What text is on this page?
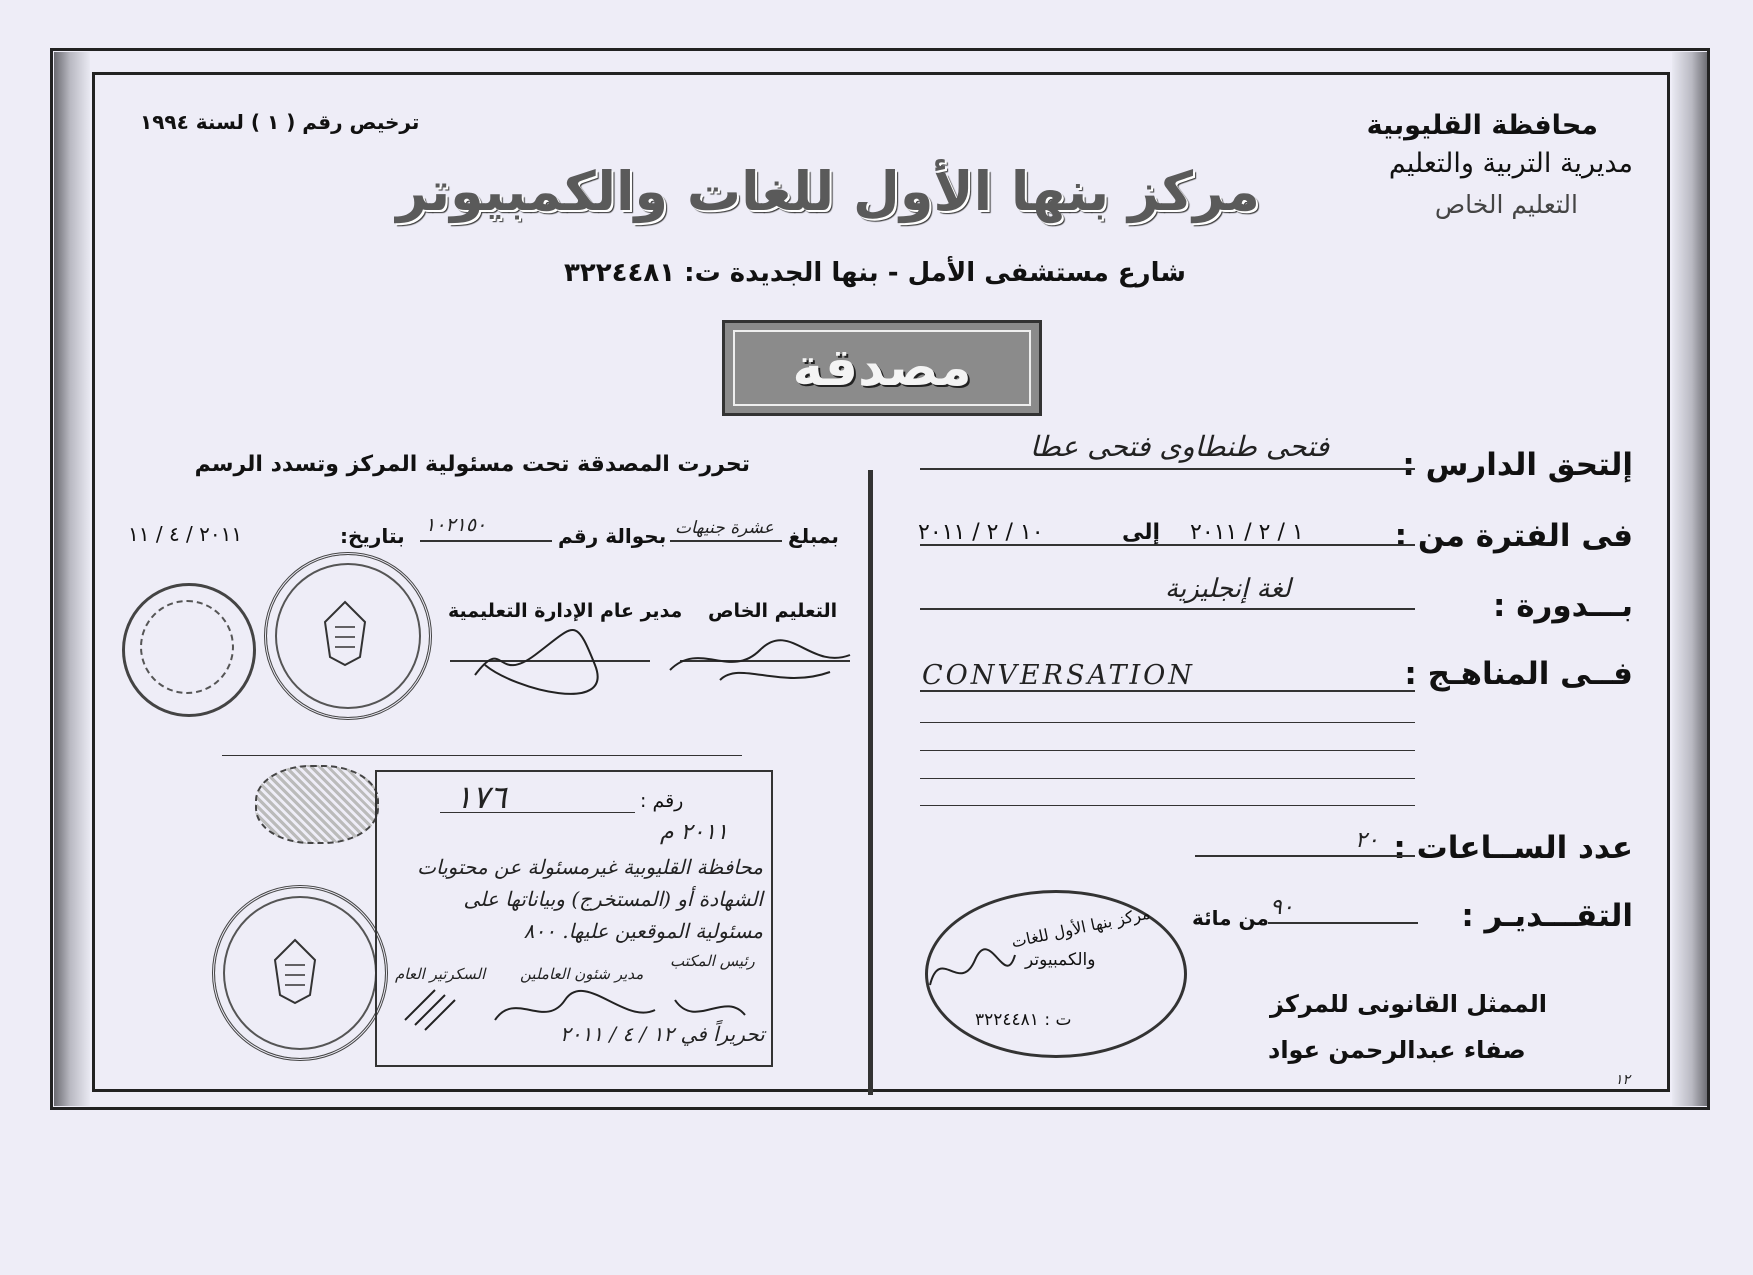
ترخيص رقم ( ١ ) لسنة ١٩٩٤	محافظة القليوبية
مديرية التربية والتعليم
التعليم الخاص
مركز بنها الأول للغات والكمبيوتر
شارع مستشفى الأمل - بنها الجديدة ت: ٣٢٢٤٤٨١
مصدقة
تحررت المصدقة تحت مسئولية المركز وتسدد الرسم
بمبلغ
عشرة جنيهات
بحوالة رقم
١٠٢١٥٠
بتاريخ:
٢٠١١ / ٤ / ١١
التعليم الخاص
مدير عام الإدارة التعليمية
رقم :
١٧٦
٢٠١١ م
محافظة القليوبية غيرمسئولة عن محتويات
الشهادة أو (المستخرج) وبياناتها على
مسئولية الموقعين عليها. ٨٠٠
رئيس المكتب
مدير شئون العاملين
السكرتير العام
تحريراً في ١٢ / ٤ / ٢٠١١
إلتحق الدارس :
فتحى طنطاوى فتحى عطا
فى الفترة من :
١ / ٢ / ٢٠١١
إلى
١٠ / ٢ / ٢٠١١
بـــدورة :
لغة إنجليزية
فــى المناهـج :
CONVERSATION
عدد الســاعات :
٢٠
التقـــديـر :
٩٠
من مائة
مركز بنها الأول للغات
والكمبيوتر
ت : ٣٢٢٤٤٨١
الممثل القانونى للمركز
صفاء عبدالرحمن عواد
١٢
